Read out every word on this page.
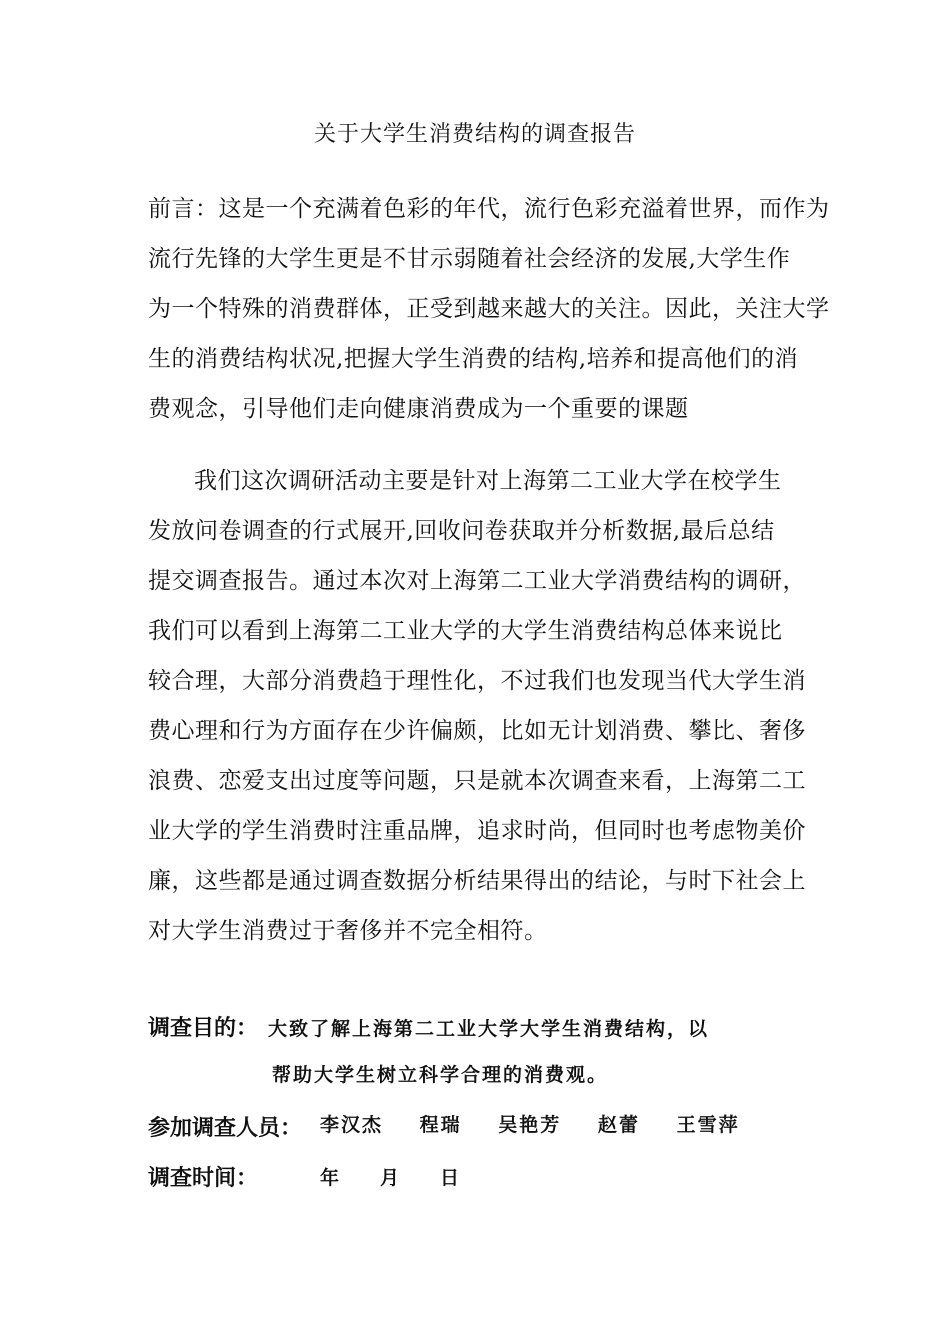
关于大学生消费结构的调查报告
前言：这是一个充满着色彩的年代，流行色彩充溢着世界，而作为
流行先锋的大学生更是不甘示弱随着社会经济的发展,大学生作
为一个特殊的消费群体，正受到越来越大的关注。因此，关注大学
生的消费结构状况,把握大学生消费的结构,培养和提高他们的消
费观念，引导他们走向健康消费成为一个重要的课题
我们这次调研活动主要是针对上海第二工业大学在校学生
发放问卷调查的行式展开,回收问卷获取并分析数据,最后总结
提交调查报告。通过本次对上海第二工业大学消费结构的调研，
我们可以看到上海第二工业大学的大学生消费结构总体来说比
较合理，大部分消费趋于理性化，不过我们也发现当代大学生消
费心理和行为方面存在少许偏颇，比如无计划消费、攀比、奢侈
浪费、恋爱支出过度等问题，只是就本次调查来看，上海第二工
业大学的学生消费时注重品牌，追求时尚，但同时也考虑物美价
廉，这些都是通过调查数据分析结果得出的结论，与时下社会上
对大学生消费过于奢侈并不完全相符。
调查目的： 大致了解上海第二工业大学大学生消费结构，以
帮助大学生树立科学合理的消费观。
参加调查人员： 李汉杰 程瑞 吴艳芳 赵蕾 王雪萍
调查时间：	年 月 日
